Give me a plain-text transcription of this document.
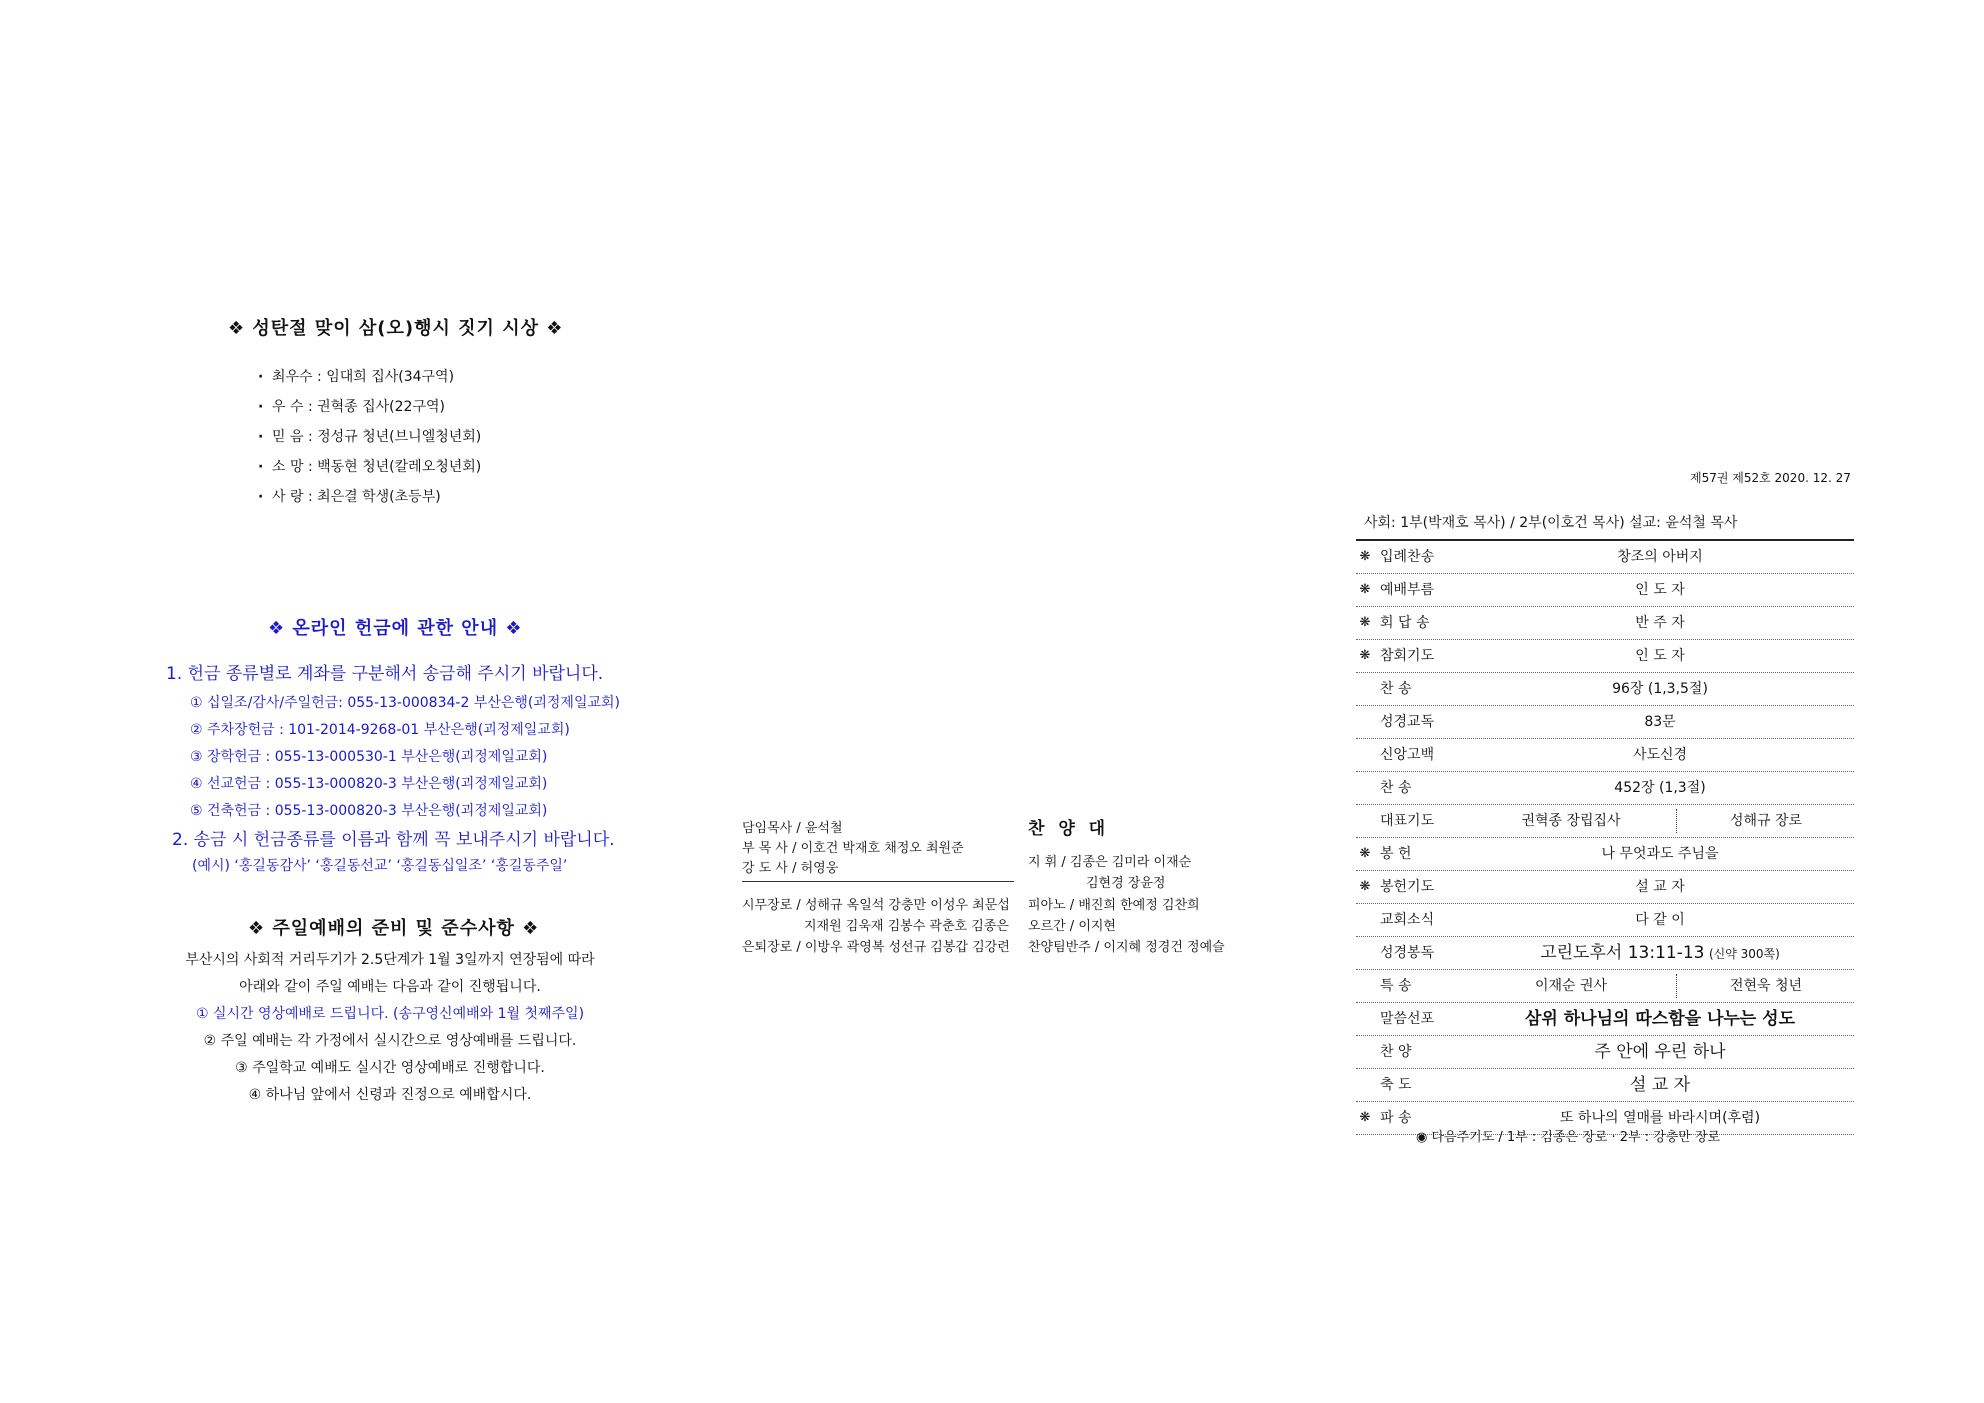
❖ 성탄절 맞이 삼(오)행시 짓기 시상 ❖
· 최우수 : 임대희 집사(34구역)
· 우 수 : 권혁종 집사(22구역)
· 믿 음 : 정성규 청년(브니엘청년회)
· 소 망 : 백동현 청년(칼레오청년회)
· 사 랑 : 최은결 학생(초등부)
❖ 온라인 헌금에 관한 안내 ❖
1. 헌금 종류별로 계좌를 구분해서 송금해 주시기 바랍니다.
① 십일조/감사/주일헌금: 055-13-000834-2 부산은행(괴정제일교회)
② 주차장헌금 : 101-2014-9268-01 부산은행(괴정제일교회)
③ 장학헌금 : 055-13-000530-1 부산은행(괴정제일교회)
④ 선교헌금 : 055-13-000820-3 부산은행(괴정제일교회)
⑤ 건축헌금 : 055-13-000820-3 부산은행(괴정제일교회)
2. 송금 시 헌금종류를 이름과 함께 꼭 보내주시기 바랍니다.
(예시) ‘홍길동감사’ ‘홍길동선교’ ‘홍길동십일조’ ‘홍길동주일’
❖ 주일예배의 준비 및 준수사항 ❖
부산시의 사회적 거리두기가 2.5단계가 1월 3일까지 연장됨에 따라
아래와 같이 주일 예배는 다음과 같이 진행됩니다.
① 실시간 영상예배로 드립니다. (송구영신예배와 1월 첫째주일)
② 주일 예배는 각 가정에서 실시간으로 영상예배를 드립니다.
③ 주일학교 예배도 실시간 영상예배로 진행합니다.
④ 하나님 앞에서 신령과 진정으로 예배합시다.
담임목사 / 윤석철
부 목 사 / 이호건 박재호 채정오 최원준
강 도 사 / 허영웅
시무장로 / 성해규 옥일석 강충만 이성우 최문섭
지재원 김욱재 김봉수 곽춘호 김종은
은퇴장로 / 이방우 곽영복 성선규 김봉갑 김강련
찬 양 대
지 휘 / 김종은 김미라 이재순
김현경 장윤정
피아노 / 배진희 한예정 김찬희
오르간 / 이지현
찬양팀반주 / 이지혜 정경건 정예슬
제57권 제52호 2020. 12. 27
사회: 1부(박재호 목사) / 2부(이호건 목사) 설교: 윤석철 목사
❋ 입례찬송	창조의 아버지
❋ 예배부름	인 도 자
❋ 회 답 송	반 주 자
❋ 참회기도	인 도 자
찬 송	96장 (1,3,5절)
성경교독	83문
신앙고백	사도신경
찬 송	452장 (1,3절)
대표기도	권혁종 장립집사	성해규 장로
❋ 봉 헌	나 무엇과도 주님을
❋ 봉헌기도	설 교 자
교회소식	다 같 이
성경봉독	고린도후서 13:11-13 (신약 300쪽)
특 송	이재순 권사	전현욱 청년
말씀선포	삼위 하나님의 따스함을 나누는 성도
찬 양	주 안에 우린 하나
축 도	설 교 자
❋ 파 송	또 하나의 열매를 바라시며(후렴)
◉ 다음주기도 / 1부 : 김종은 장로 · 2부 : 강충만 장로
